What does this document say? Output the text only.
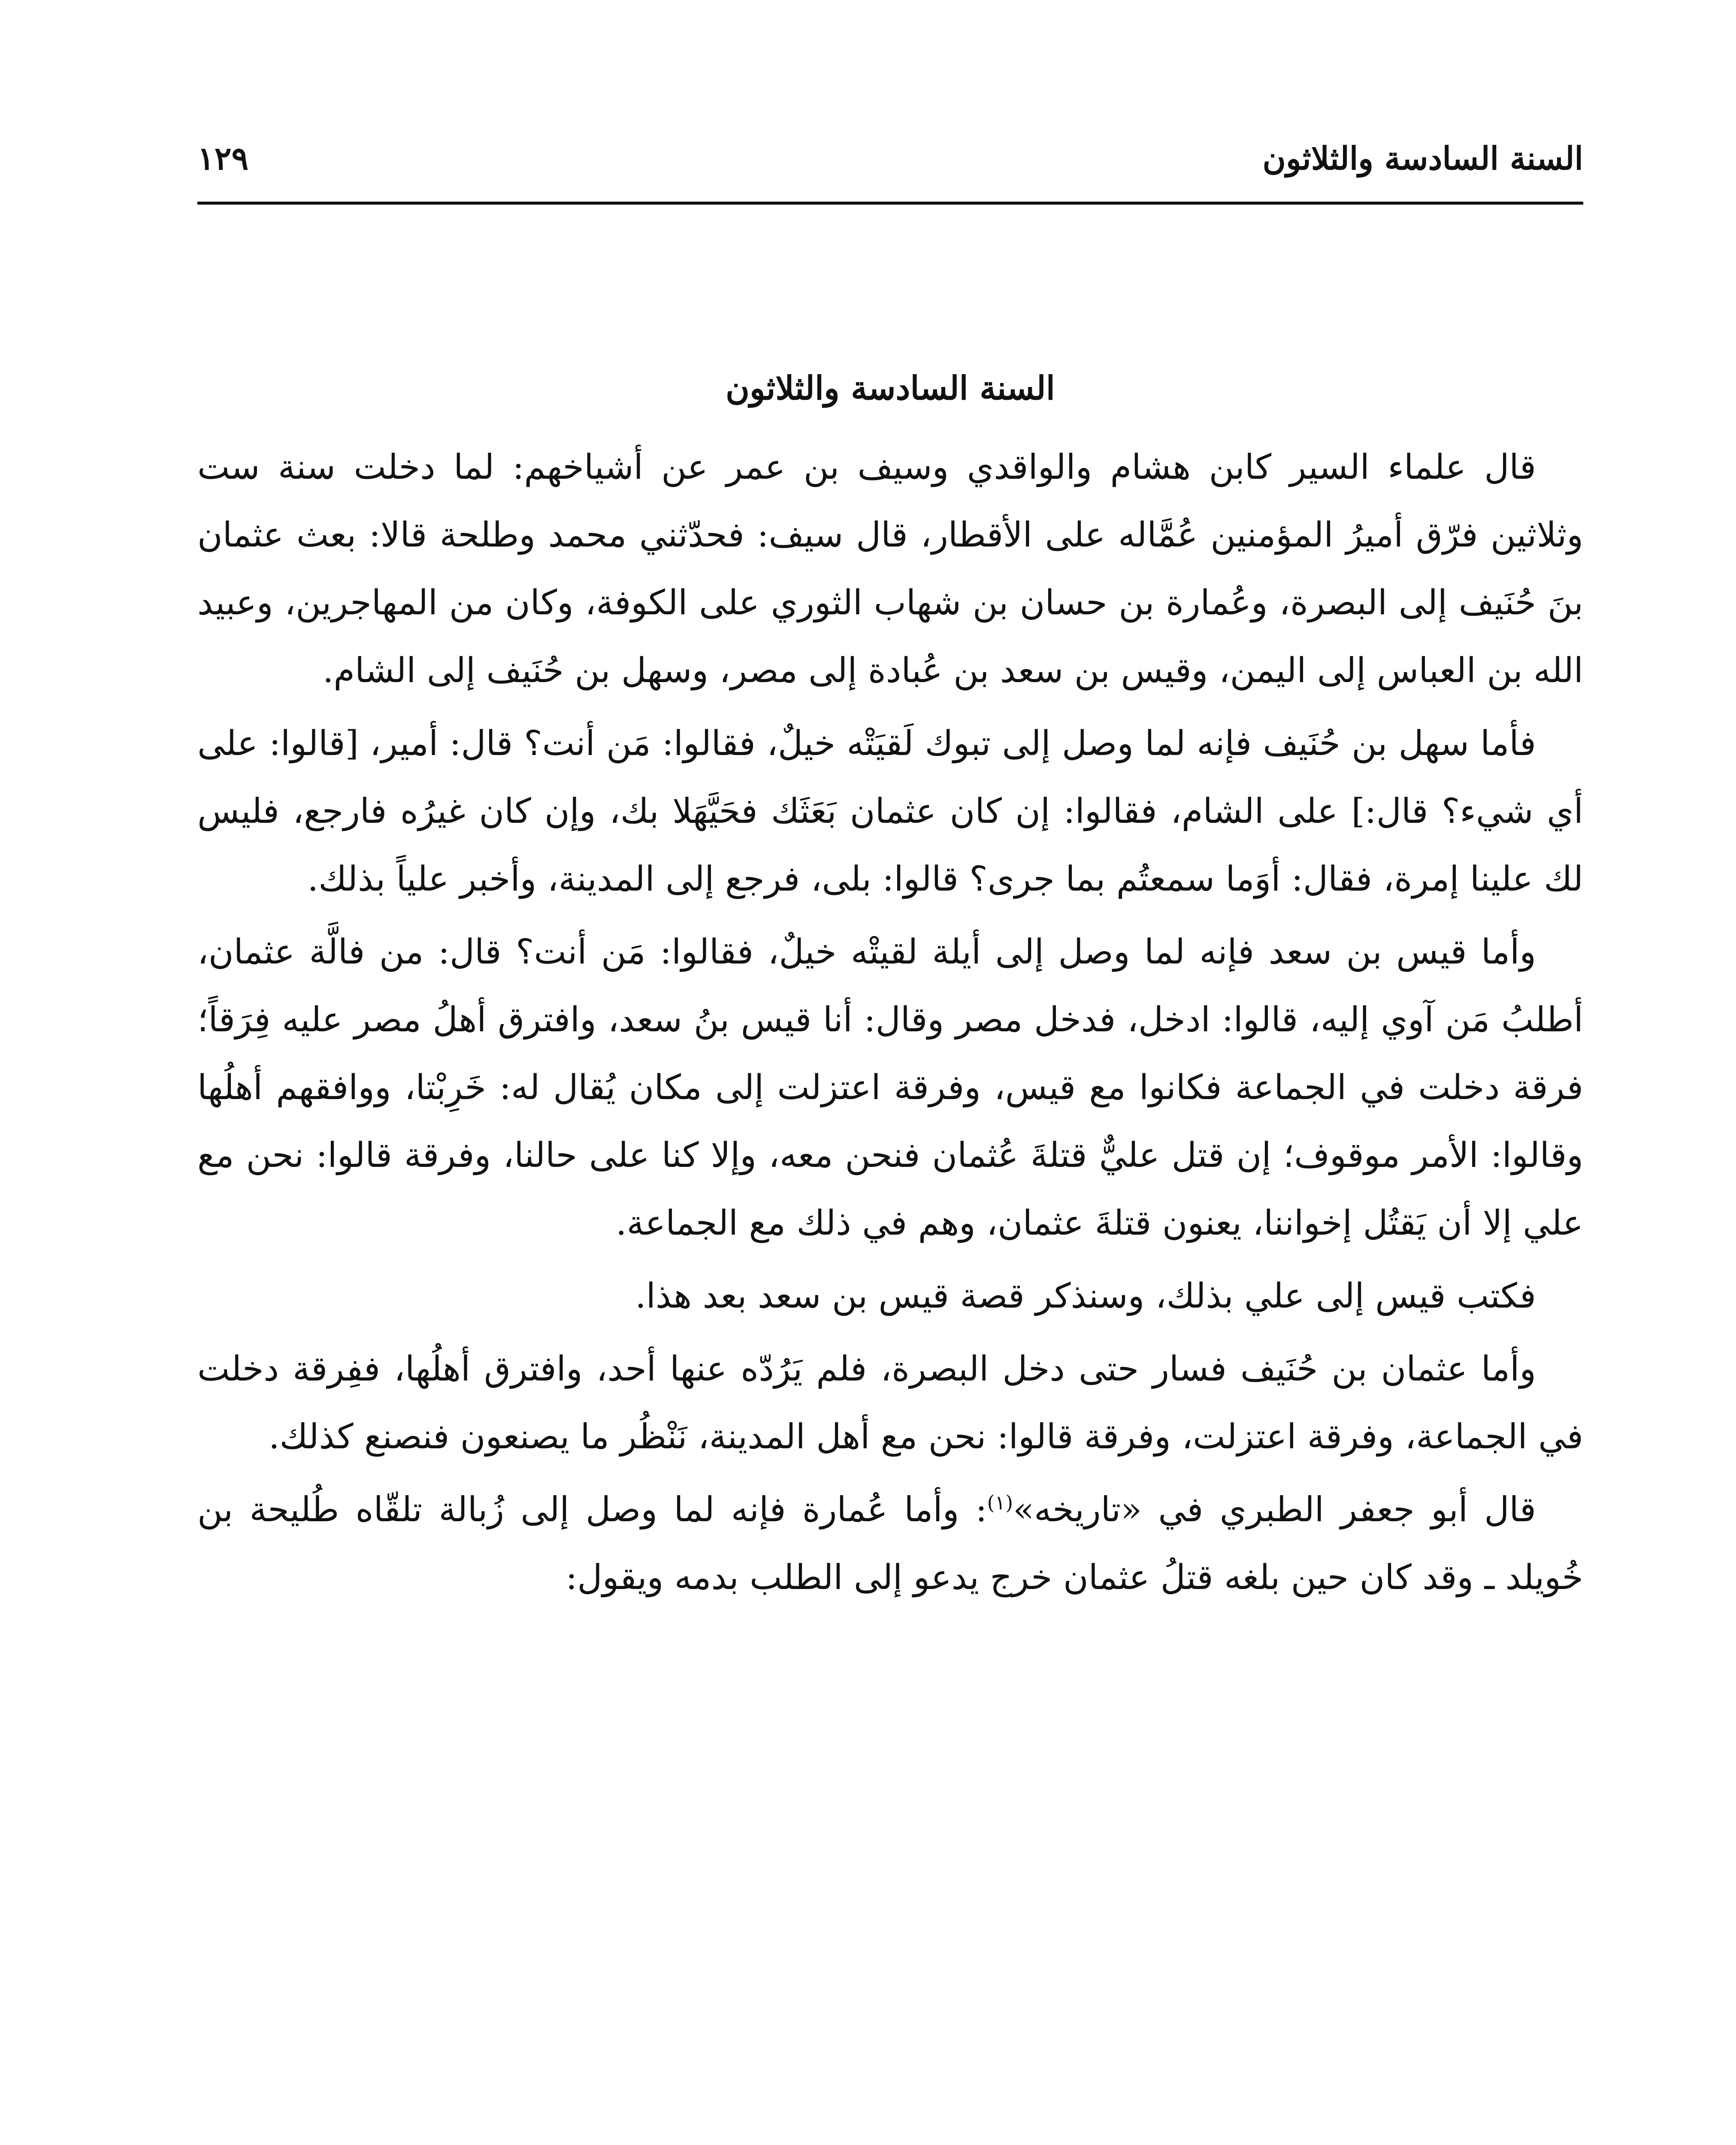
السنة السادسة والثلاثون
١٢٩
السنة السادسة والثلاثون

قال علماء السير كابن هشام والواقدي وسيف بن عمر عن أشياخهم: لما دخلت سنة ست وثلاثين فرّق أميرُ المؤمنين عُمَّاله على الأقطار، قال سيف: فحدّثني محمد وطلحة قالا: بعث عثمان بنَ حُنَيف إلى البصرة، وعُمارة بن حسان بن شهاب الثوري على الكوفة، وكان من المهاجرين، وعبيد الله بن العباس إلى اليمن، وقيس بن سعد بن عُبادة إلى مصر، وسهل بن حُنَيف إلى الشام.

فأما سهل بن حُنَيف فإنه لما وصل إلى تبوك لَقيَتْه خيلٌ، فقالوا: مَن أنت؟ قال: أمير، [قالوا: على أي شيء؟ قال:] على الشام، فقالوا: إن كان عثمان بَعَثَك فحَيَّهَلا بك، وإن كان غيرُه فارجع، فليس لك علينا إمرة، فقال: أوَما سمعتُم بما جرى؟ قالوا: بلى، فرجع إلى المدينة، وأخبر علياً بذلك.

وأما قيس بن سعد فإنه لما وصل إلى أيلة لقيتْه خيلٌ، فقالوا: مَن أنت؟ قال: من فالَّة عثمان، أطلبُ مَن آوي إليه، قالوا: ادخل، فدخل مصر وقال: أنا قيس بنُ سعد، وافترق أهلُ مصر عليه فِرَقاً؛ فرقة دخلت في الجماعة فكانوا مع قيس، وفرقة اعتزلت إلى مكان يُقال له: خَرِبْتا، ووافقهم أهلُها وقالوا: الأمر موقوف؛ إن قتل عليٌّ قتلةَ عُثمان فنحن معه، وإلا كنا على حالنا، وفرقة قالوا: نحن مع علي إلا أن يَقتُل إخواننا، يعنون قتلةَ عثمان، وهم في ذلك مع الجماعة.

فكتب قيس إلى علي بذلك، وسنذكر قصة قيس بن سعد بعد هذا.

وأما عثمان بن حُنَيف فسار حتى دخل البصرة، فلم يَرُدّه عنها أحد، وافترق أهلُها، ففِرقة دخلت في الجماعة، وفرقة اعتزلت، وفرقة قالوا: نحن مع أهل المدينة، نَنْظُر ما يصنعون فنصنع كذلك.

قال أبو جعفر الطبري في «تاريخه»$^{(١)}$: وأما عُمارة فإنه لما وصل إلى زُبالة تلقّاه طُليحة بن خُويلد ـ وقد كان حين بلغه قتلُ عثمان خرج يدعو إلى الطلب بدمه ويقول:
